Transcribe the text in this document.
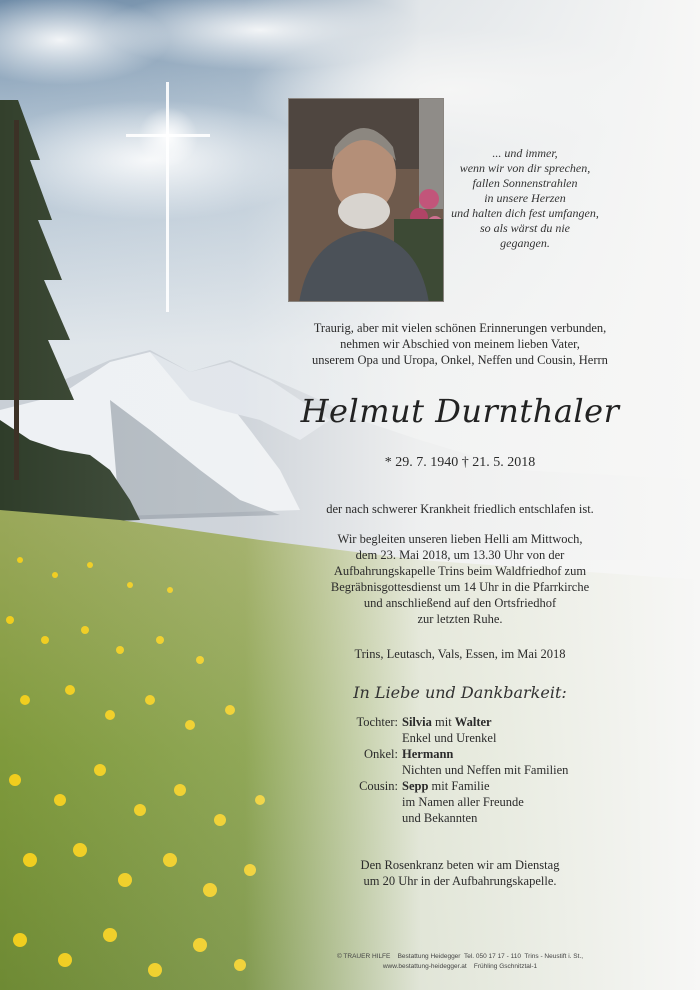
... und immer,
wenn wir von dir sprechen,
fallen Sonnenstrahlen
in unsere Herzen
und halten dich fest umfangen,
so als wärst du nie
gegangen.
Traurig, aber mit vielen schönen Erinnerungen verbunden,
nehmen wir Abschied von meinem lieben Vater,
unserem Opa und Uropa, Onkel, Neffen und Cousin, Herrn
Helmut Durnthaler
* 29. 7. 1940 † 21. 5. 2018
der nach schwerer Krankheit friedlich entschlafen ist.
Wir begleiten unseren lieben Helli am Mittwoch,
dem 23. Mai 2018, um 13.30 Uhr von der
Aufbahrungskapelle Trins beim Waldfriedhof zum
Begräbnisgottesdienst um 14 Uhr in die Pfarrkirche
und anschließend auf den Ortsfriedhof
zur letzten Ruhe.
Trins, Leutasch, Vals, Essen, im Mai 2018
In Liebe und Dankbarkeit:
Tochter: Silvia mit Walter
Enkel und Urenkel
Onkel: Hermann
Nichten und Neffen mit Familien
Cousin: Sepp mit Familie
im Namen aller Freunde
und Bekannten
Den Rosenkranz beten wir am Dienstag
um 20 Uhr in der Aufbahrungskapelle.
© TRAUER HILFE    Bestattung Heidegger  Tel. 050 17 17 - 110  Trins - Neustift i. St.,
www.bestattung-heidegger.at    Frühling Gschnitztal-1
